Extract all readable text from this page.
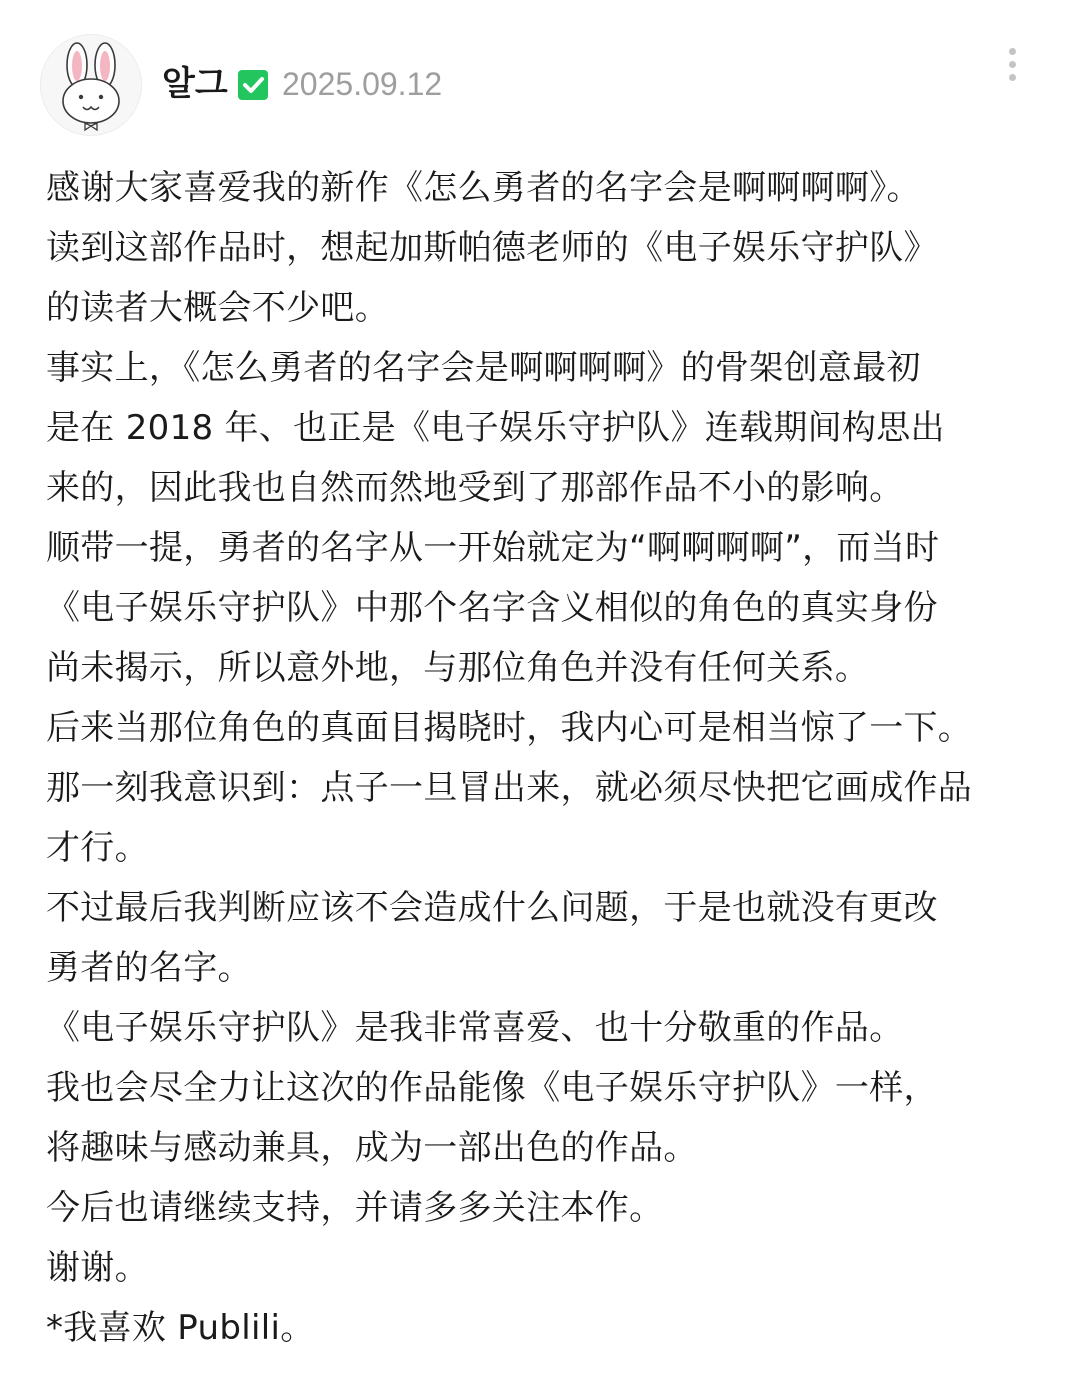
알그 2025.09.12
感谢大家喜爱我的新作《怎么勇者的名字会是啊啊啊啊》。
读到这部作品时，想起加斯帕德老师的《电子娱乐守护队》
的读者大概会不少吧。
事实上，《怎么勇者的名字会是啊啊啊啊》的骨架创意最初
是在 2018 年、也正是《电子娱乐守护队》连载期间构思出
来的，因此我也自然而然地受到了那部作品不小的影响。
顺带一提，勇者的名字从一开始就定为“啊啊啊啊”，而当时
《电子娱乐守护队》中那个名字含义相似的角色的真实身份
尚未揭示，所以意外地，与那位角色并没有任何关系。
后来当那位角色的真面目揭晓时，我内心可是相当惊了一下。
那一刻我意识到：点子一旦冒出来，就必须尽快把它画成作品
才行。
不过最后我判断应该不会造成什么问题，于是也就没有更改
勇者的名字。
《电子娱乐守护队》是我非常喜爱、也十分敬重的作品。
我也会尽全力让这次的作品能像《电子娱乐守护队》一样，
将趣味与感动兼具，成为一部出色的作品。
今后也请继续支持，并请多多关注本作。
谢谢。
*我喜欢 Publili。
